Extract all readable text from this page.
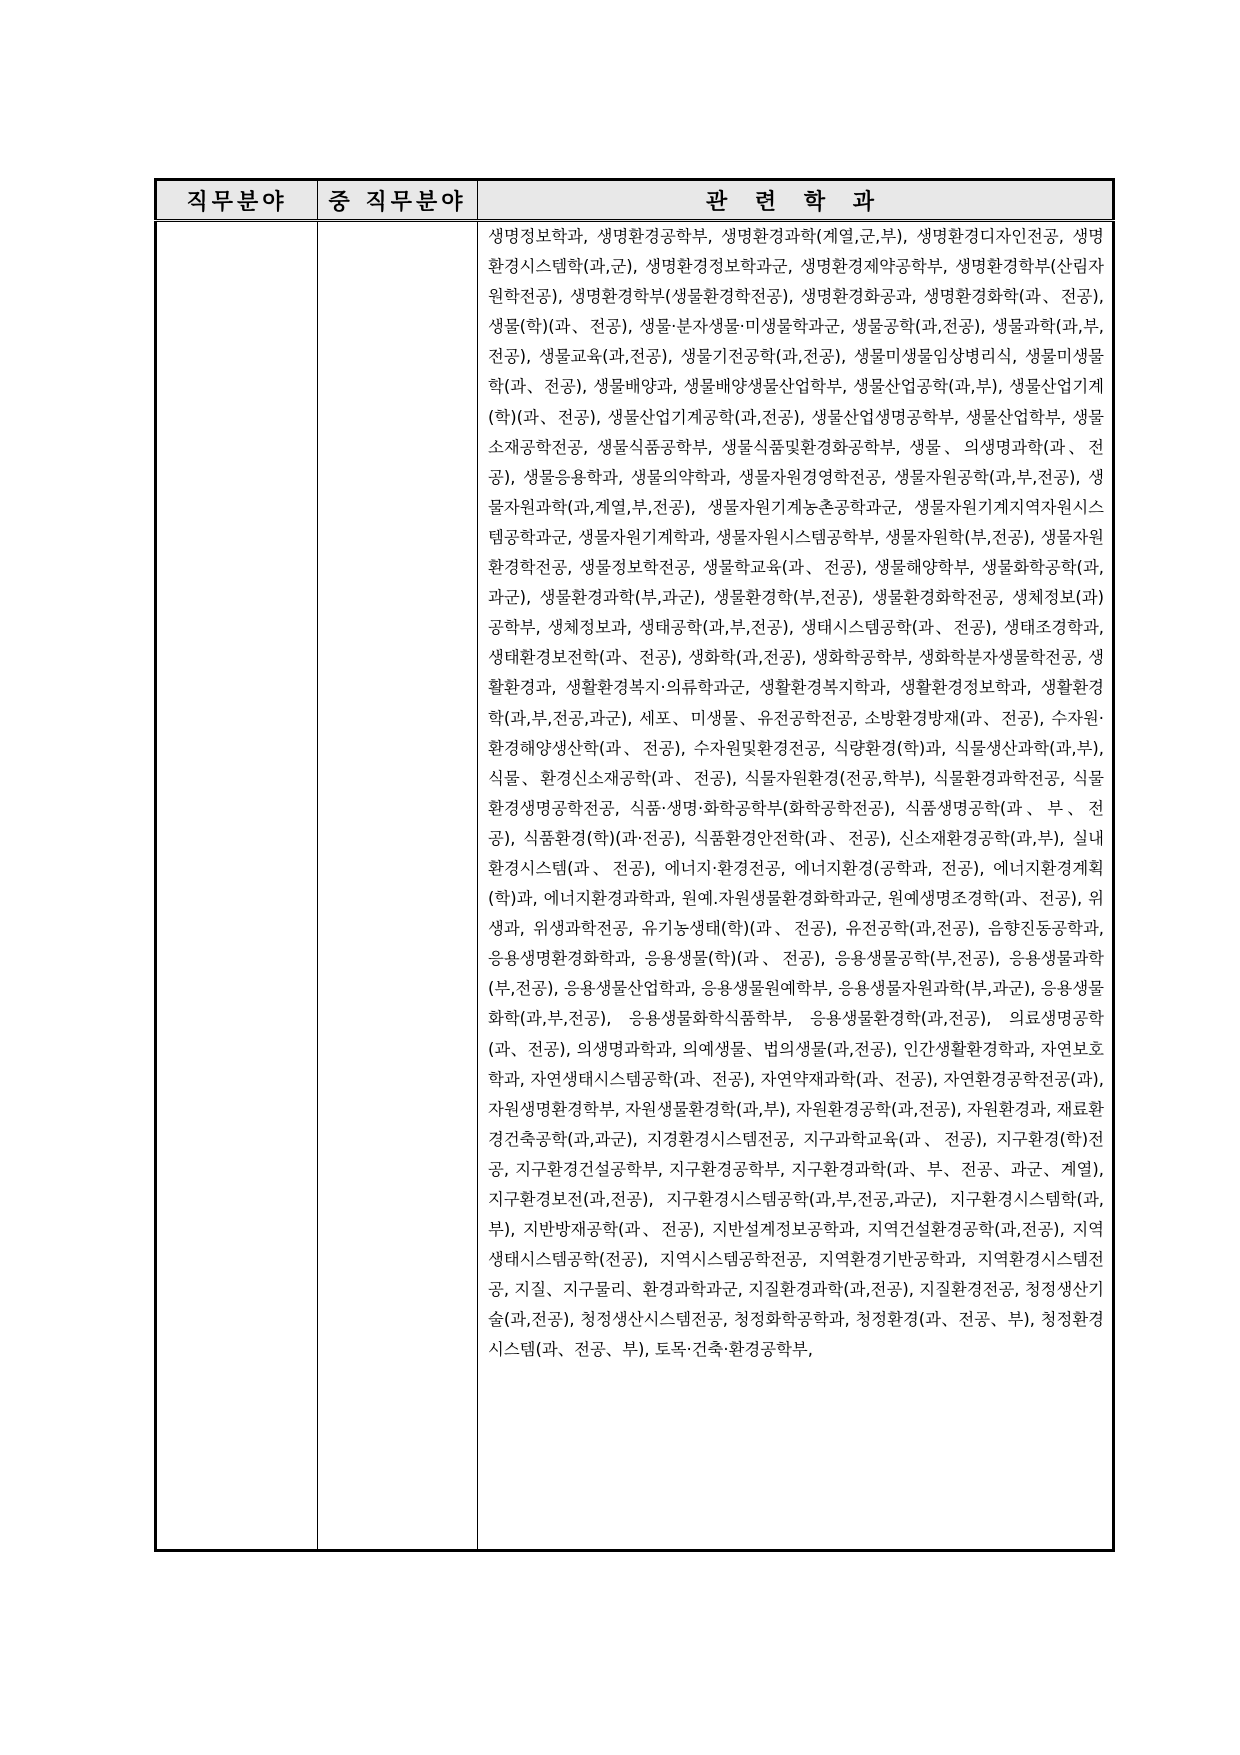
직무분야	중 직무분야	관 련 학 과

		생명정보학과, 생명환경공학부, 생명환경과학(계열,군,부), 생명환경디자인전공, 생명환경시스템학(과,군), 생명환경정보학과군, 생명환경제약공학부, 생명환경학부(산림자원학전공), 생명환경학부(생물환경학전공), 생명환경화공과, 생명환경화학(과、전공), 생물(학)(과、전공), 생물·분자생물·미생물학과군, 생물공학(과,전공), 생물과학(과,부,전공), 생물교육(과,전공), 생물기전공학(과,전공), 생물미생물임상병리식, 생물미생물학(과、전공), 생물배양과, 생물배양생물산업학부, 생물산업공학(과,부), 생물산업기계(학)(과、전공), 생물산업기계공학(과,전공), 생물산업생명공학부, 생물산업학부, 생물소재공학전공, 생물식품공학부, 생물식품및환경화공학부, 생물、의생명과학(과、전공), 생물응용학과, 생물의약학과, 생물자원경영학전공, 생물자원공학(과,부,전공), 생물자원과학(과,계열,부,전공), 생물자원기계농촌공학과군, 생물자원기계지역자원시스템공학과군, 생물자원기계학과, 생물자원시스템공학부, 생물자원학(부,전공), 생물자원환경학전공, 생물정보학전공, 생물학교육(과、전공), 생물해양학부, 생물화학공학(과,과군), 생물환경과학(부,과군), 생물환경학(부,전공), 생물환경화학전공, 생체정보(과)공학부, 생체정보과, 생태공학(과,부,전공), 생태시스템공학(과、전공), 생태조경학과, 생태환경보전학(과、전공), 생화학(과,전공), 생화학공학부, 생화학분자생물학전공, 생활환경과, 생활환경복지·의류학과군, 생활환경복지학과, 생활환경정보학과, 생활환경학(과,부,전공,과군), 세포、미생물、유전공학전공, 소방환경방재(과、전공), 수자원·환경해양생산학(과、전공), 수자원및환경전공, 식량환경(학)과, 식물생산과학(과,부), 식물、환경신소재공학(과、전공), 식물자원환경(전공,학부), 식물환경과학전공, 식물환경생명공학전공, 식품·생명·화학공학부(화학공학전공), 식품생명공학(과、부、전공), 식품환경(학)(과·전공), 식품환경안전학(과、전공), 신소재환경공학(과,부), 실내환경시스템(과、전공), 에너지·환경전공, 에너지환경(공학과, 전공), 에너지환경계획(학)과, 에너지환경과학과, 원예.자원생물환경화학과군, 원예생명조경학(과、전공), 위생과, 위생과학전공, 유기농생태(학)(과、전공), 유전공학(과,전공), 음향진동공학과, 응용생명환경화학과, 응용생물(학)(과、전공), 응용생물공학(부,전공), 응용생물과학(부,전공), 응용생물산업학과, 응용생물원예학부, 응용생물자원과학(부,과군), 응용생물화학(과,부,전공), 응용생물화학식품학부, 응용생물환경학(과,전공), 의료생명공학(과、전공), 의생명과학과, 의예생물、법의생물(과,전공), 인간생활환경학과, 자연보호학과, 자연생태시스템공학(과、전공), 자연약재과학(과、전공), 자연환경공학전공(과), 자원생명환경학부, 자원생물환경학(과,부), 자원환경공학(과,전공), 자원환경과, 재료환경건축공학(과,과군), 지경환경시스템전공, 지구과학교육(과、전공), 지구환경(학)전공, 지구환경건설공학부, 지구환경공학부, 지구환경과학(과、부、전공、과군、계열), 지구환경보전(과,전공), 지구환경시스템공학(과,부,전공,과군), 지구환경시스템학(과,부), 지반방재공학(과、전공), 지반설계정보공학과, 지역건설환경공학(과,전공), 지역생태시스템공학(전공), 지역시스템공학전공, 지역환경기반공학과, 지역환경시스템전공, 지질、지구물리、환경과학과군, 지질환경과학(과,전공), 지질환경전공, 청정생산기술(과,전공), 청정생산시스템전공, 청정화학공학과, 청정환경(과、전공、부), 청정환경시스템(과、전공、부), 토목·건축·환경공학부,
